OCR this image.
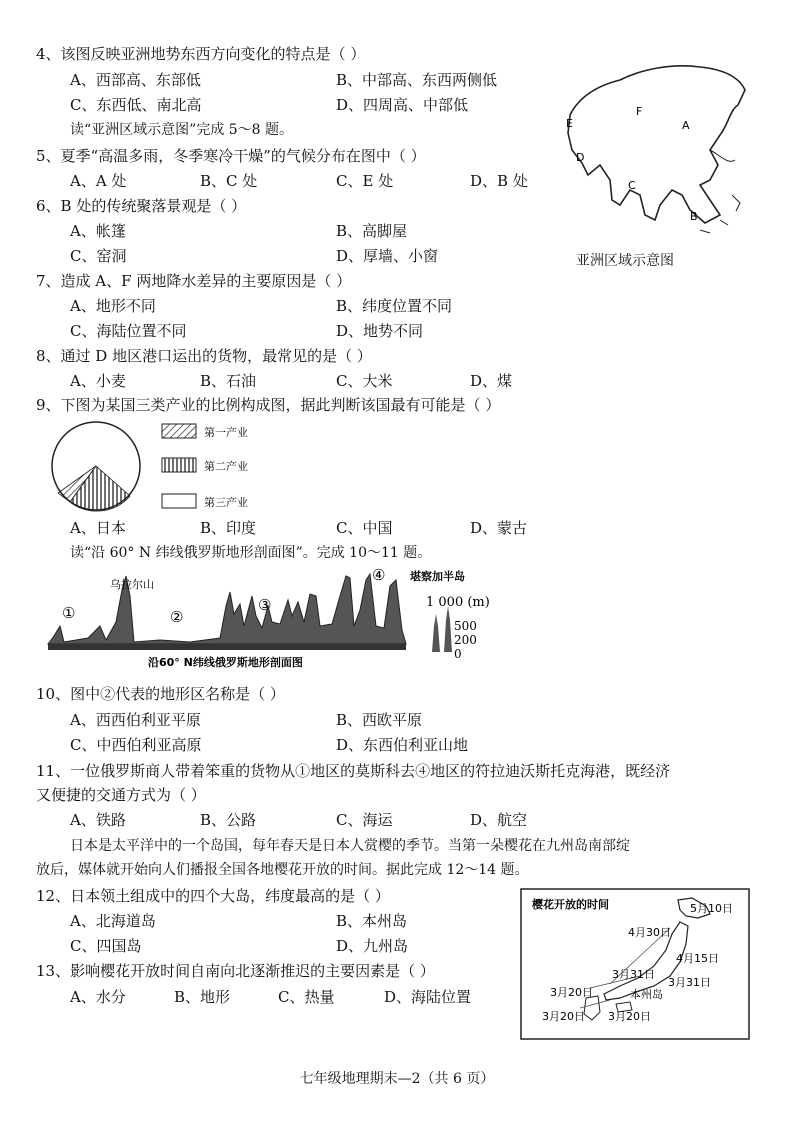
4、该图反映亚洲地势东西方向变化的特点是（ ）
A、西部高、东部低	B、中部高、东西两侧低
C、东西低、南北高	D、四周高、中部低
读“亚洲区域示意图”完成 5～8 题。
5、夏季“高温多雨，冬季寒冷干燥”的气候分布在图中（ ）
A、A 处	B、C 处	C、E 处	D、B 处
6、B 处的传统聚落景观是（ ）
A、帐篷	B、高脚屋
C、窑洞	D、厚墙、小窗
7、造成 A、F 两地降水差异的主要原因是（ ）
A、地形不同	B、纬度位置不同
C、海陆位置不同	D、地势不同
8、通过 D 地区港口运出的货物，最常见的是（ ）
A、小麦	B、石油	C、大米	D、煤
E
F
A
D
C
B
亚洲区域示意图
9、下图为某国三类产业的比例构成图，据此判断该国最有可能是（ ）
第一产业
第二产业
第三产业
A、日本	B、印度	C、中国	D、蒙古
读“沿 60° N 纬线俄罗斯地形剖面图”。完成 10～11 题。
①	②
③
④
乌拉尔山
堪察加半岛
1 000 (m)
500
200
0
沿60° N纬线俄罗斯地形剖面图
10、图中②代表的地形区名称是（ ）
A、西西伯利亚平原	B、西欧平原
C、中西伯利亚高原	D、东西伯利亚山地
11、一位俄罗斯商人带着笨重的货物从①地区的莫斯科去④地区的符拉迪沃斯托克海港，既经济
又便捷的交通方式为（ ）
A、铁路	B、公路	C、海运	D、航空
日本是太平洋中的一个岛国，每年春天是日本人赏樱的季节。当第一朵樱花在九州岛南部绽
放后，媒体就开始向人们播报全国各地樱花开放的时间。据此完成 12～14 题。
12、日本领土组成中的四个大岛，纬度最高的是（ ）
A、北海道岛	B、本州岛
C、四国岛	D、九州岛
13、影响樱花开放时间自南向北逐渐推迟的主要因素是（ ）
A、水分	B、地形	C、热量	D、海陆位置
樱花开放的时间	5月10日
4月30日
4月15日
3月31日
3月31日
3月20日
3月20日 3月20日
本州岛
七年级地理期末—2（共 6 页）
